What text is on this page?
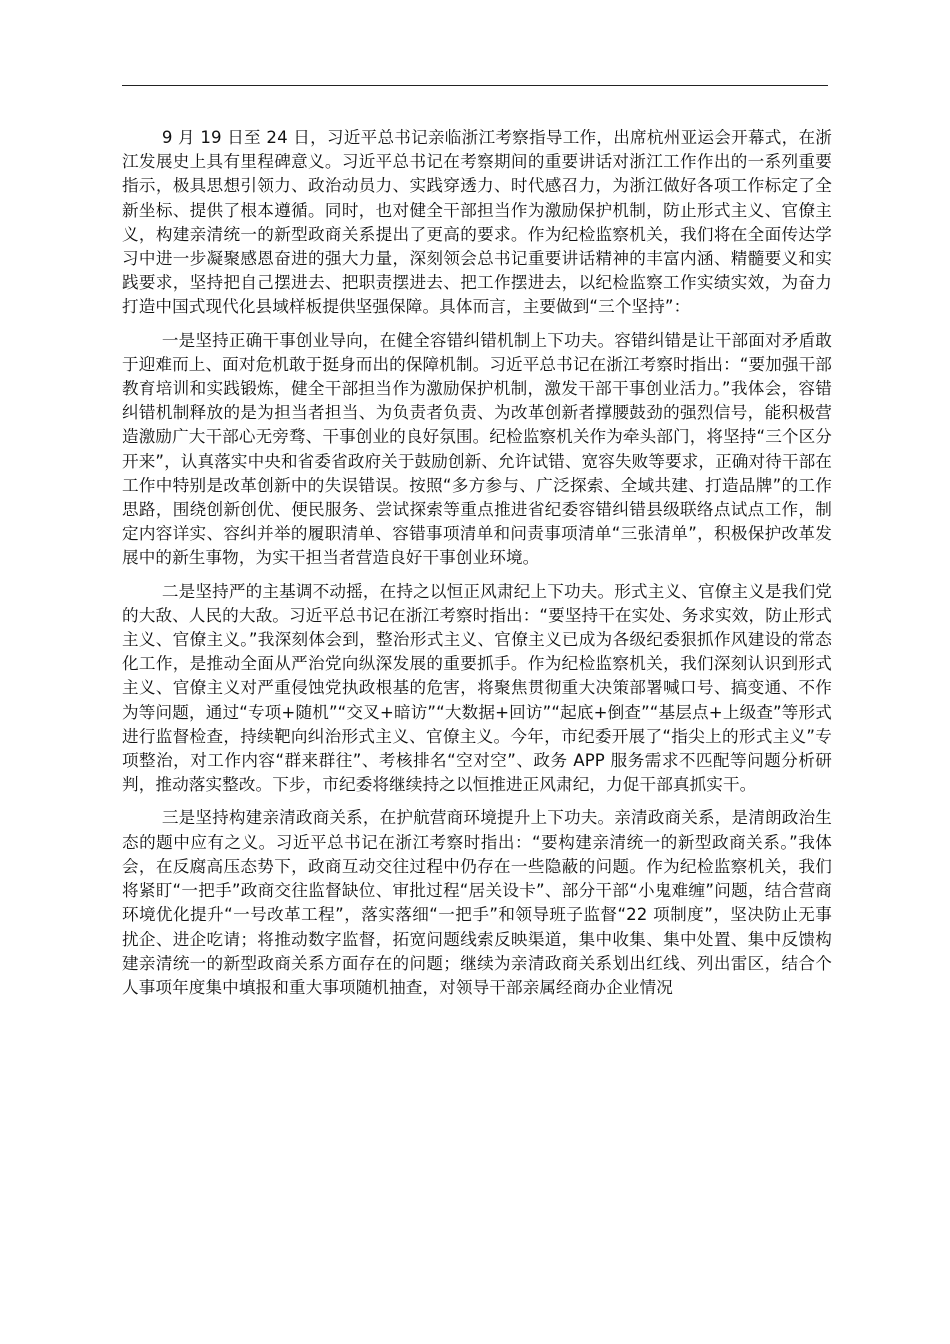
9 月 19 日至 24 日，习近平总书记亲临浙江考察指导工作，出席杭州亚运会开幕式，在浙江发展史上具有里程碑意义。习近平总书记在考察期间的重要讲话对浙江工作作出的一系列重要指示，极具思想引领力、政治动员力、实践穿透力、时代感召力，为浙江做好各项工作标定了全新坐标、提供了根本遵循。同时，也对健全干部担当作为激励保护机制，防止形式主义、官僚主义，构建亲清统一的新型政商关系提出了更高的要求。作为纪检监察机关，我们将在全面传达学习中进一步凝聚感恩奋进的强大力量，深刻领会总书记重要讲话精神的丰富内涵、精髓要义和实践要求，坚持把自己摆进去、把职责摆进去、把工作摆进去，以纪检监察工作实绩实效，为奋力打造中国式现代化县域样板提供坚强保障。具体而言，主要做到“三个坚持”：

一是坚持正确干事创业导向，在健全容错纠错机制上下功夫。容错纠错是让干部面对矛盾敢于迎难而上、面对危机敢于挺身而出的保障机制。习近平总书记在浙江考察时指出：“要加强干部教育培训和实践锻炼，健全干部担当作为激励保护机制，激发干部干事创业活力。”我体会，容错纠错机制释放的是为担当者担当、为负责者负责、为改革创新者撑腰鼓劲的强烈信号，能积极营造激励广大干部心无旁骛、干事创业的良好氛围。纪检监察机关作为牵头部门，将坚持“三个区分开来”，认真落实中央和省委省政府关于鼓励创新、允许试错、宽容失败等要求，正确对待干部在工作中特别是改革创新中的失误错误。按照“多方参与、广泛探索、全域共建、打造品牌”的工作思路，围绕创新创优、便民服务、尝试探索等重点推进省纪委容错纠错县级联络点试点工作，制定内容详实、容纠并举的履职清单、容错事项清单和问责事项清单“三张清单”，积极保护改革发展中的新生事物，为实干担当者营造良好干事创业环境。

二是坚持严的主基调不动摇，在持之以恒正风肃纪上下功夫。形式主义、官僚主义是我们党的大敌、人民的大敌。习近平总书记在浙江考察时指出：“要坚持干在实处、务求实效，防止形式主义、官僚主义。”我深刻体会到，整治形式主义、官僚主义已成为各级纪委狠抓作风建设的常态化工作，是推动全面从严治党向纵深发展的重要抓手。作为纪检监察机关，我们深刻认识到形式主义、官僚主义对严重侵蚀党执政根基的危害，将聚焦贯彻重大决策部署喊口号、搞变通、不作为等问题，通过“专项+随机”“交叉+暗访”“大数据+回访”“起底+倒查”“基层点+上级查”等形式进行监督检查，持续靶向纠治形式主义、官僚主义。今年，市纪委开展了“指尖上的形式主义”专项整治，对工作内容“群来群往”、考核排名“空对空”、政务 APP 服务需求不匹配等问题分析研判，推动落实整改。下步，市纪委将继续持之以恒推进正风肃纪，力促干部真抓实干。

三是坚持构建亲清政商关系，在护航营商环境提升上下功夫。亲清政商关系，是清朗政治生态的题中应有之义。习近平总书记在浙江考察时指出：“要构建亲清统一的新型政商关系。”我体会，在反腐高压态势下，政商互动交往过程中仍存在一些隐蔽的问题。作为纪检监察机关，我们将紧盯“一把手”政商交往监督缺位、审批过程“居关设卡”、部分干部“小鬼难缠”问题，结合营商环境优化提升“一号改革工程”，落实落细“一把手”和领导班子监督“22 项制度”，坚决防止无事扰企、进企吃请；将推动数字监督，拓宽问题线索反映渠道，集中收集、集中处置、集中反馈构建亲清统一的新型政商关系方面存在的问题；继续为亲清政商关系划出红线、列出雷区，结合个人事项年度集中填报和重大事项随机抽查，对领导干部亲属经商办企业情况
